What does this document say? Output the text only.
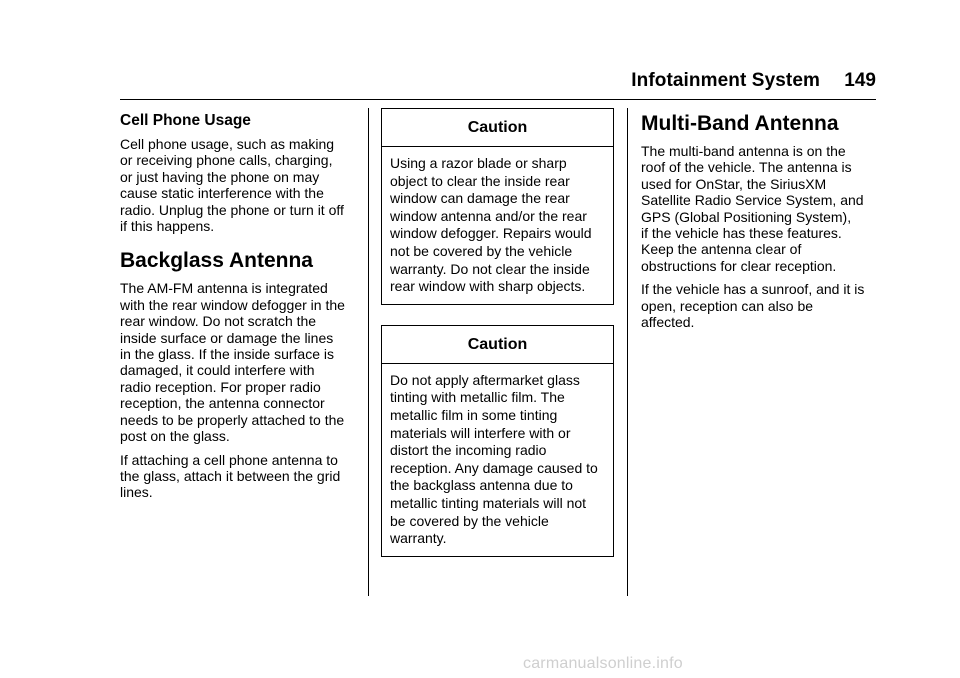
Infotainment System	149
Cell Phone Usage

Cell phone usage, such as making
or receiving phone calls, charging,
or just having the phone on may
cause static interference with the
radio. Unplug the phone or turn it off
if this happens.

Backglass Antenna

The AM-FM antenna is integrated
with the rear window defogger in the
rear window. Do not scratch the
inside surface or damage the lines
in the glass. If the inside surface is
damaged, it could interfere with
radio reception. For proper radio
reception, the antenna connector
needs to be properly attached to the
post on the glass.

If attaching a cell phone antenna to
the glass, attach it between the grid
lines.

Caution
Using a razor blade or sharp
object to clear the inside rear
window can damage the rear
window antenna and/or the rear
window defogger. Repairs would
not be covered by the vehicle
warranty. Do not clear the inside
rear window with sharp objects.
Caution
Do not apply aftermarket glass
tinting with metallic film. The
metallic film in some tinting
materials will interfere with or
distort the incoming radio
reception. Any damage caused to
the backglass antenna due to
metallic tinting materials will not
be covered by the vehicle
warranty.
Multi-Band Antenna

The multi-band antenna is on the
roof of the vehicle. The antenna is
used for OnStar, the SiriusXM
Satellite Radio Service System, and
GPS (Global Positioning System),
if the vehicle has these features.
Keep the antenna clear of
obstructions for clear reception.

If the vehicle has a sunroof, and it is
open, reception can also be
affected.

carmanualsonline.info
